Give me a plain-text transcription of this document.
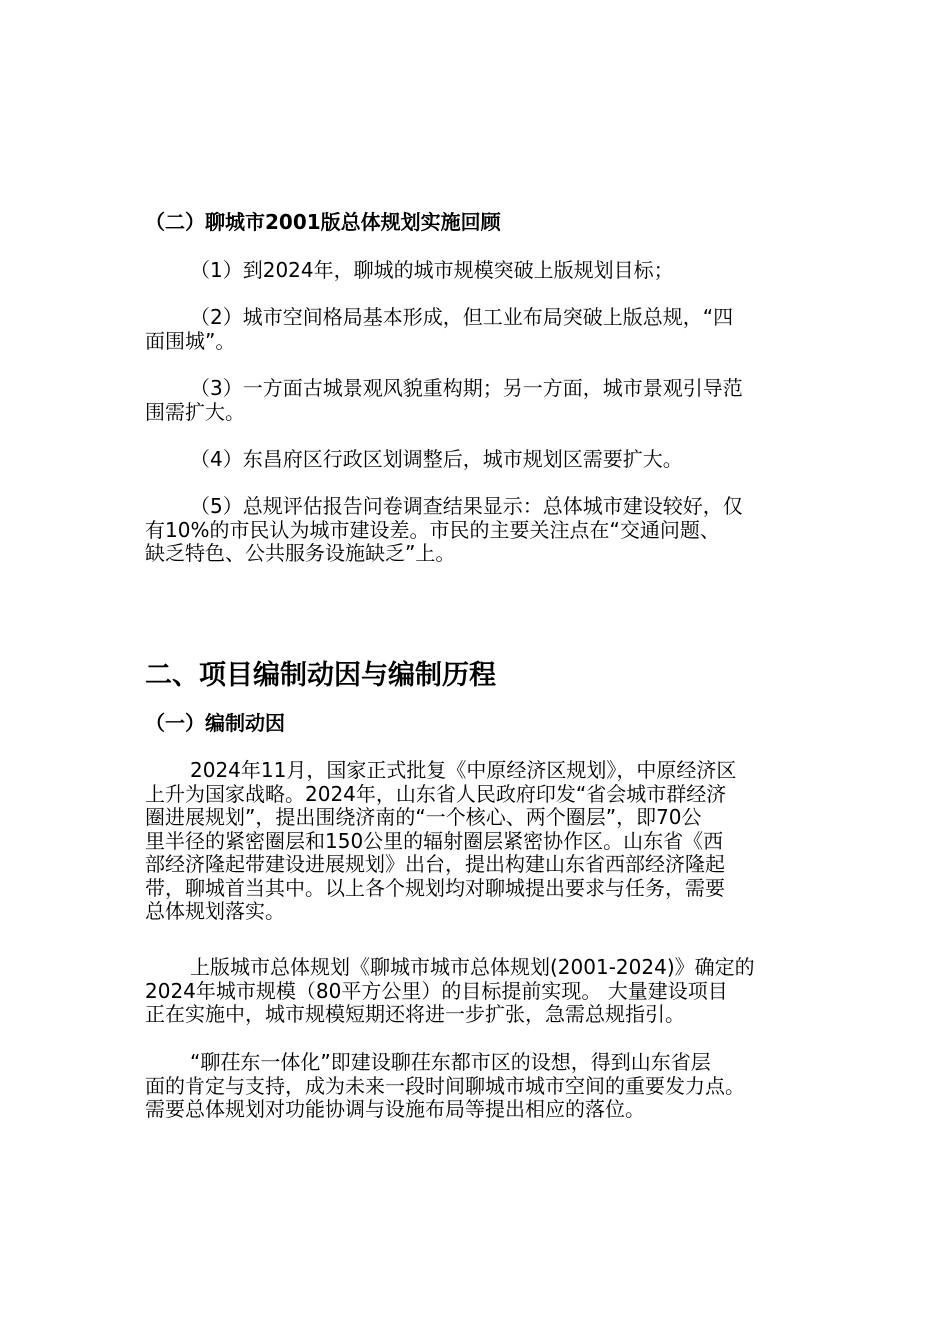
（二）聊城市2001版总体规划实施回顾
（1）到2024年，聊城的城市规模突破上版规划目标；
（2）城市空间格局基本形成，但工业布局突破上版总规，“四
面围城”。
（3）一方面古城景观风貌重构期；另一方面，城市景观引导范
围需扩大。
（4）东昌府区行政区划调整后，城市规划区需要扩大。
（5）总规评估报告问卷调查结果显示：总体城市建设较好，仅
有10%的市民认为城市建设差。市民的主要关注点在“交通问题、
缺乏特色、公共服务设施缺乏”上。
二、项目编制动因与编制历程
（一）编制动因
2024年11月，国家正式批复《中原经济区规划》，中原经济区
上升为国家战略。2024年，山东省人民政府印发“省会城市群经济
圈进展规划”，提出围绕济南的“一个核心、两个圈层”，即70公
里半径的紧密圈层和150公里的辐射圈层紧密协作区。山东省《西
部经济隆起带建设进展规划》出台，提出构建山东省西部经济隆起
带，聊城首当其中。以上各个规划均对聊城提出要求与任务，需要
总体规划落实。
上版城市总体规划《聊城市城市总体规划(2001-2024)》确定的
2024年城市规模（80平方公里）的目标提前实现。 大量建设项目
正在实施中，城市规模短期还将进一步扩张，急需总规指引。
“聊茌东一体化”即建设聊茌东都市区的设想，得到山东省层
面的肯定与支持，成为未来一段时间聊城市城市空间的重要发力点。
需要总体规划对功能协调与设施布局等提出相应的落位。
